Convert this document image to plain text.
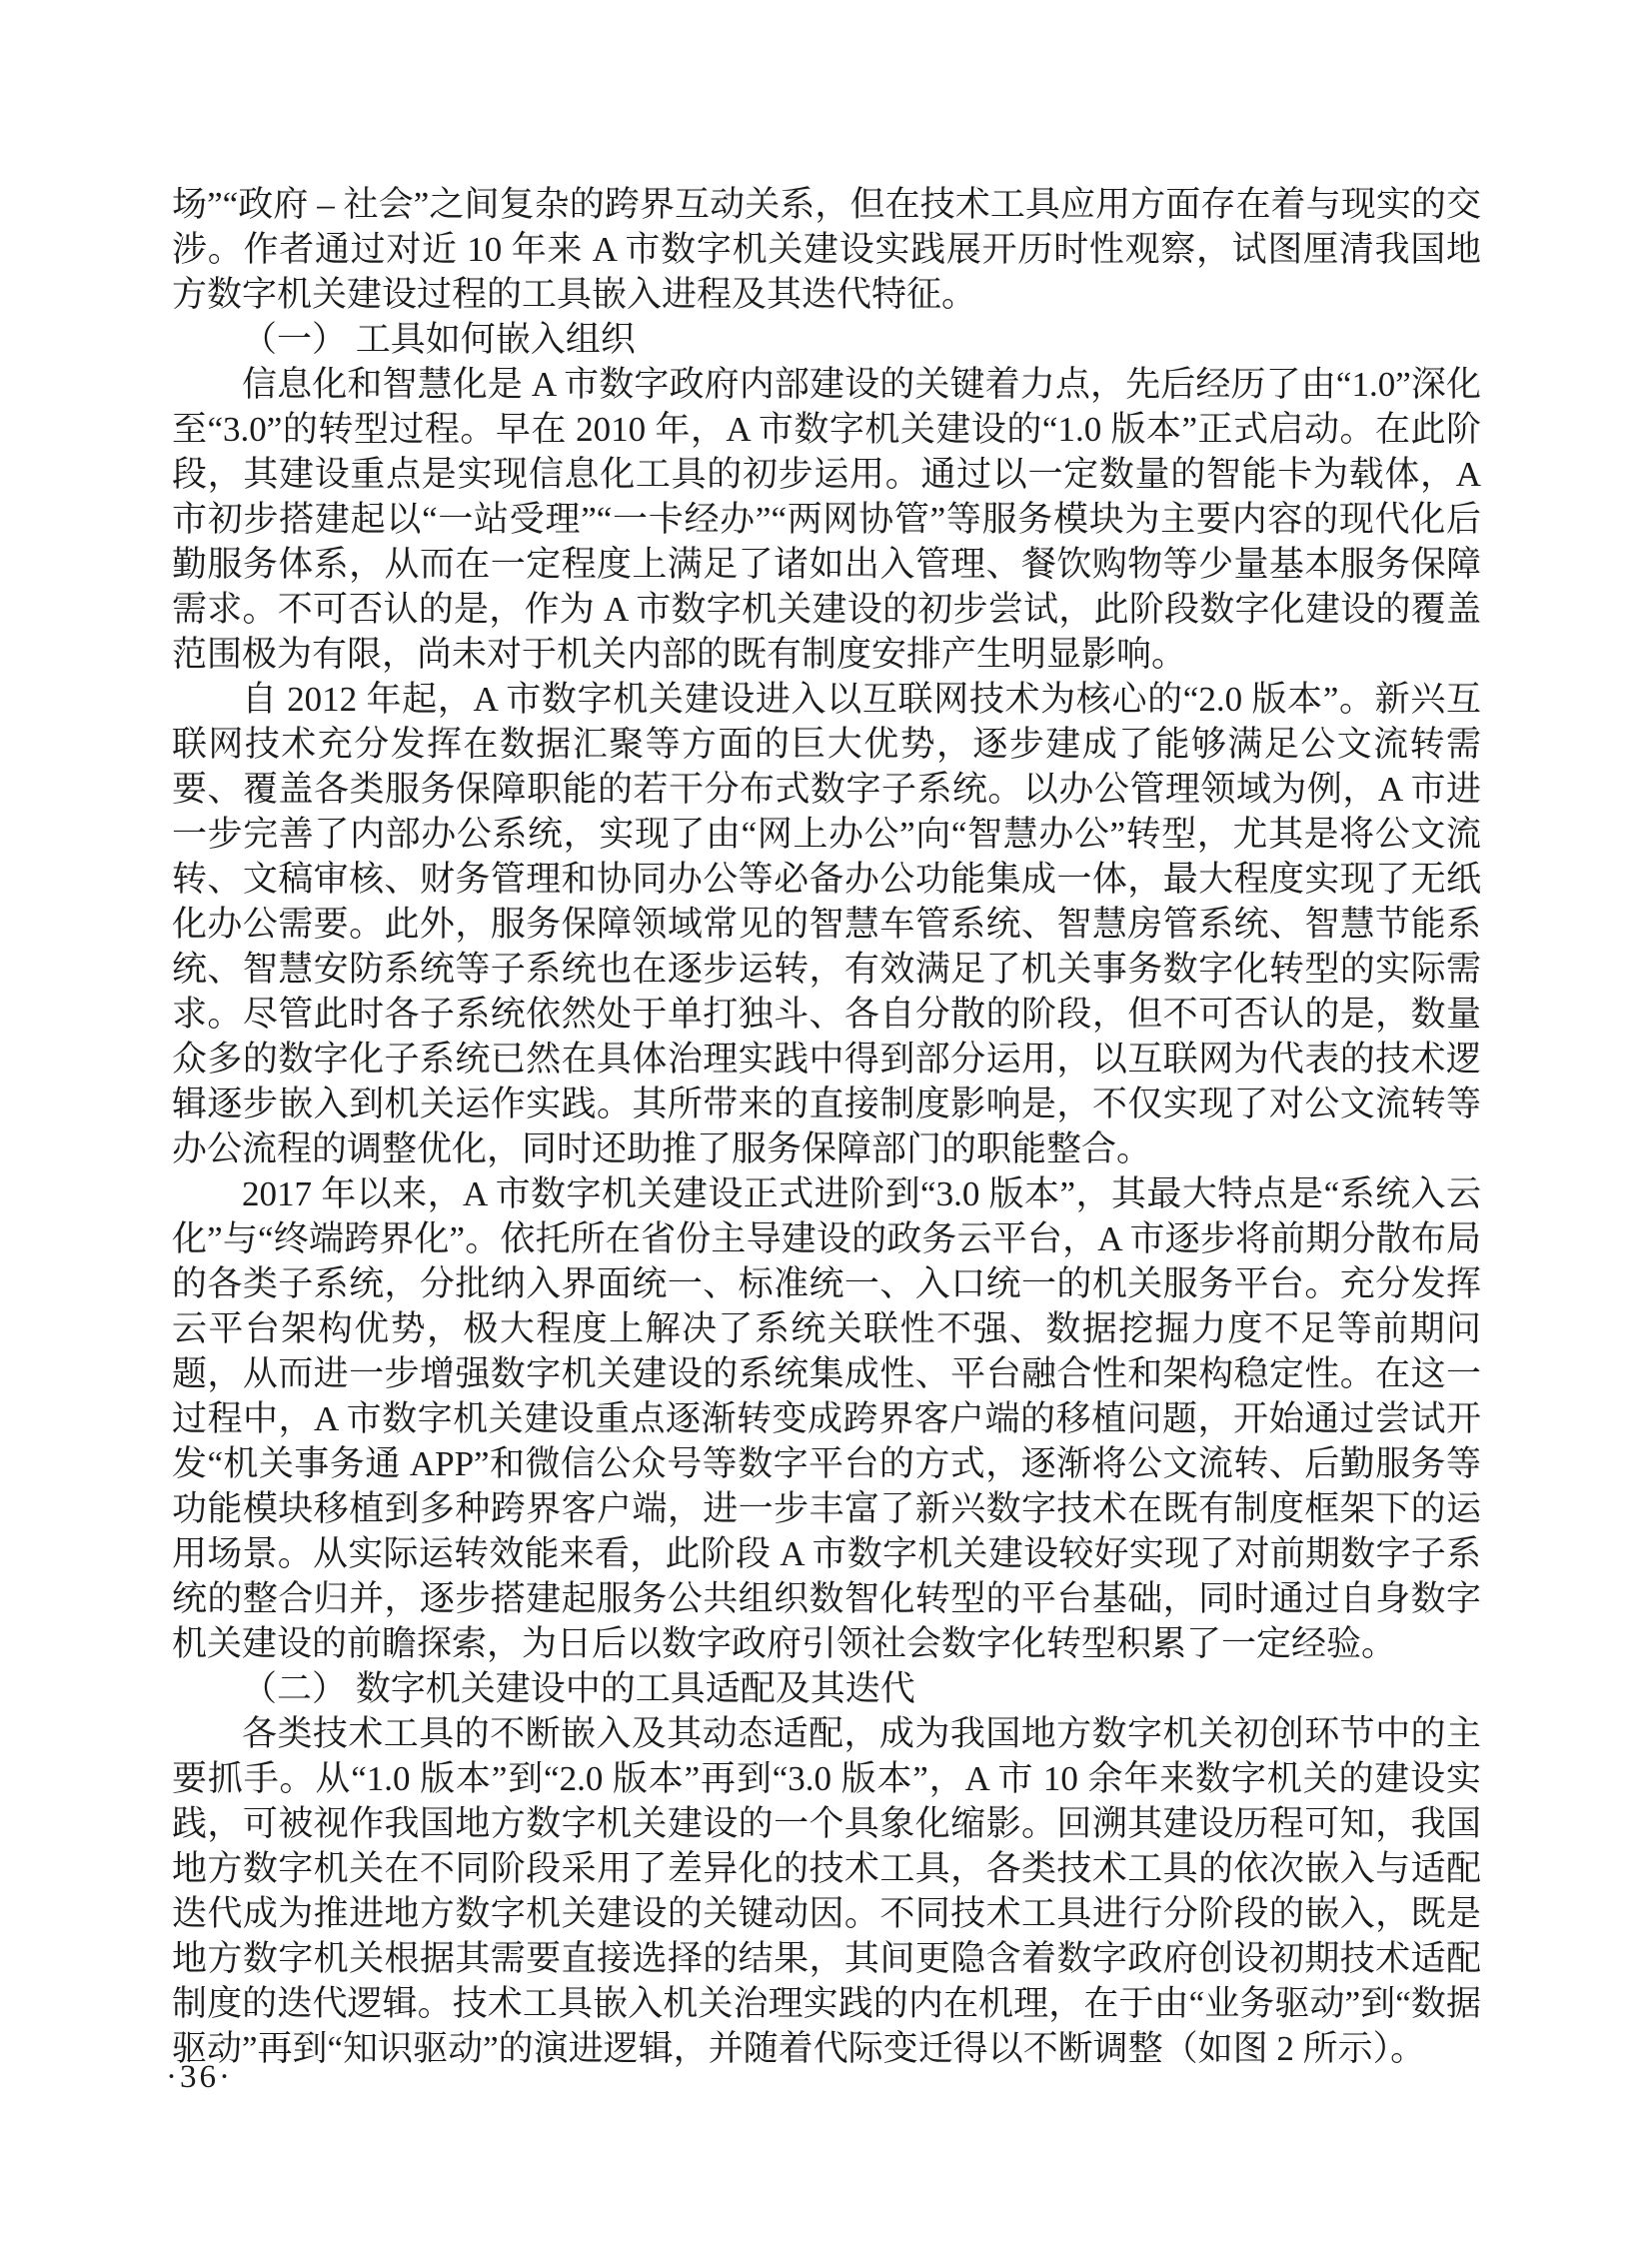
场”“政府 – 社会”之间复杂的跨界互动关系，但在技术工具应用方面存在着与现实的交涉。作者通过对近 10 年来 A 市数字机关建设实践展开历时性观察，试图厘清我国地方数字机关建设过程的工具嵌入进程及其迭代特征。

（一） 工具如何嵌入组织

信息化和智慧化是 A 市数字政府内部建设的关键着力点，先后经历了由“1.0”深化至“3.0”的转型过程。早在 2010 年，A 市数字机关建设的“1.0 版本”正式启动。在此阶段，其建设重点是实现信息化工具的初步运用。通过以一定数量的智能卡为载体，A 市初步搭建起以“一站受理”“一卡经办”“两网协管”等服务模块为主要内容的现代化后勤服务体系，从而在一定程度上满足了诸如出入管理、餐饮购物等少量基本服务保障需求。不可否认的是，作为 A 市数字机关建设的初步尝试，此阶段数字化建设的覆盖范围极为有限，尚未对于机关内部的既有制度安排产生明显影响。

自 2012 年起，A 市数字机关建设进入以互联网技术为核心的“2.0 版本”。新兴互联网技术充分发挥在数据汇聚等方面的巨大优势，逐步建成了能够满足公文流转需要、覆盖各类服务保障职能的若干分布式数字子系统。以办公管理领域为例，A 市进一步完善了内部办公系统，实现了由“网上办公”向“智慧办公”转型，尤其是将公文流转、文稿审核、财务管理和协同办公等必备办公功能集成一体，最大程度实现了无纸化办公需要。此外，服务保障领域常见的智慧车管系统、智慧房管系统、智慧节能系统、智慧安防系统等子系统也在逐步运转，有效满足了机关事务数字化转型的实际需求。尽管此时各子系统依然处于单打独斗、各自分散的阶段，但不可否认的是，数量众多的数字化子系统已然在具体治理实践中得到部分运用，以互联网为代表的技术逻辑逐步嵌入到机关运作实践。其所带来的直接制度影响是，不仅实现了对公文流转等办公流程的调整优化，同时还助推了服务保障部门的职能整合。

2017 年以来，A 市数字机关建设正式进阶到“3.0 版本”，其最大特点是“系统入云化”与“终端跨界化”。依托所在省份主导建设的政务云平台，A 市逐步将前期分散布局的各类子系统，分批纳入界面统一、标准统一、入口统一的机关服务平台。充分发挥云平台架构优势，极大程度上解决了系统关联性不强、数据挖掘力度不足等前期问题，从而进一步增强数字机关建设的系统集成性、平台融合性和架构稳定性。在这一过程中，A 市数字机关建设重点逐渐转变成跨界客户端的移植问题，开始通过尝试开发“机关事务通 APP”和微信公众号等数字平台的方式，逐渐将公文流转、后勤服务等功能模块移植到多种跨界客户端，进一步丰富了新兴数字技术在既有制度框架下的运用场景。从实际运转效能来看，此阶段 A 市数字机关建设较好实现了对前期数字子系统的整合归并，逐步搭建起服务公共组织数智化转型的平台基础，同时通过自身数字机关建设的前瞻探索，为日后以数字政府引领社会数字化转型积累了一定经验。

（二） 数字机关建设中的工具适配及其迭代

各类技术工具的不断嵌入及其动态适配，成为我国地方数字机关初创环节中的主要抓手。从“1.0 版本”到“2.0 版本”再到“3.0 版本”，A 市 10 余年来数字机关的建设实践，可被视作我国地方数字机关建设的一个具象化缩影。回溯其建设历程可知，我国地方数字机关在不同阶段采用了差异化的技术工具，各类技术工具的依次嵌入与适配迭代成为推进地方数字机关建设的关键动因。不同技术工具进行分阶段的嵌入，既是地方数字机关根据其需要直接选择的结果，其间更隐含着数字政府创设初期技术适配制度的迭代逻辑。技术工具嵌入机关治理实践的内在机理，在于由“业务驱动”到“数据驱动”再到“知识驱动”的演进逻辑，并随着代际变迁得以不断调整（如图 2 所示）。

·36·
